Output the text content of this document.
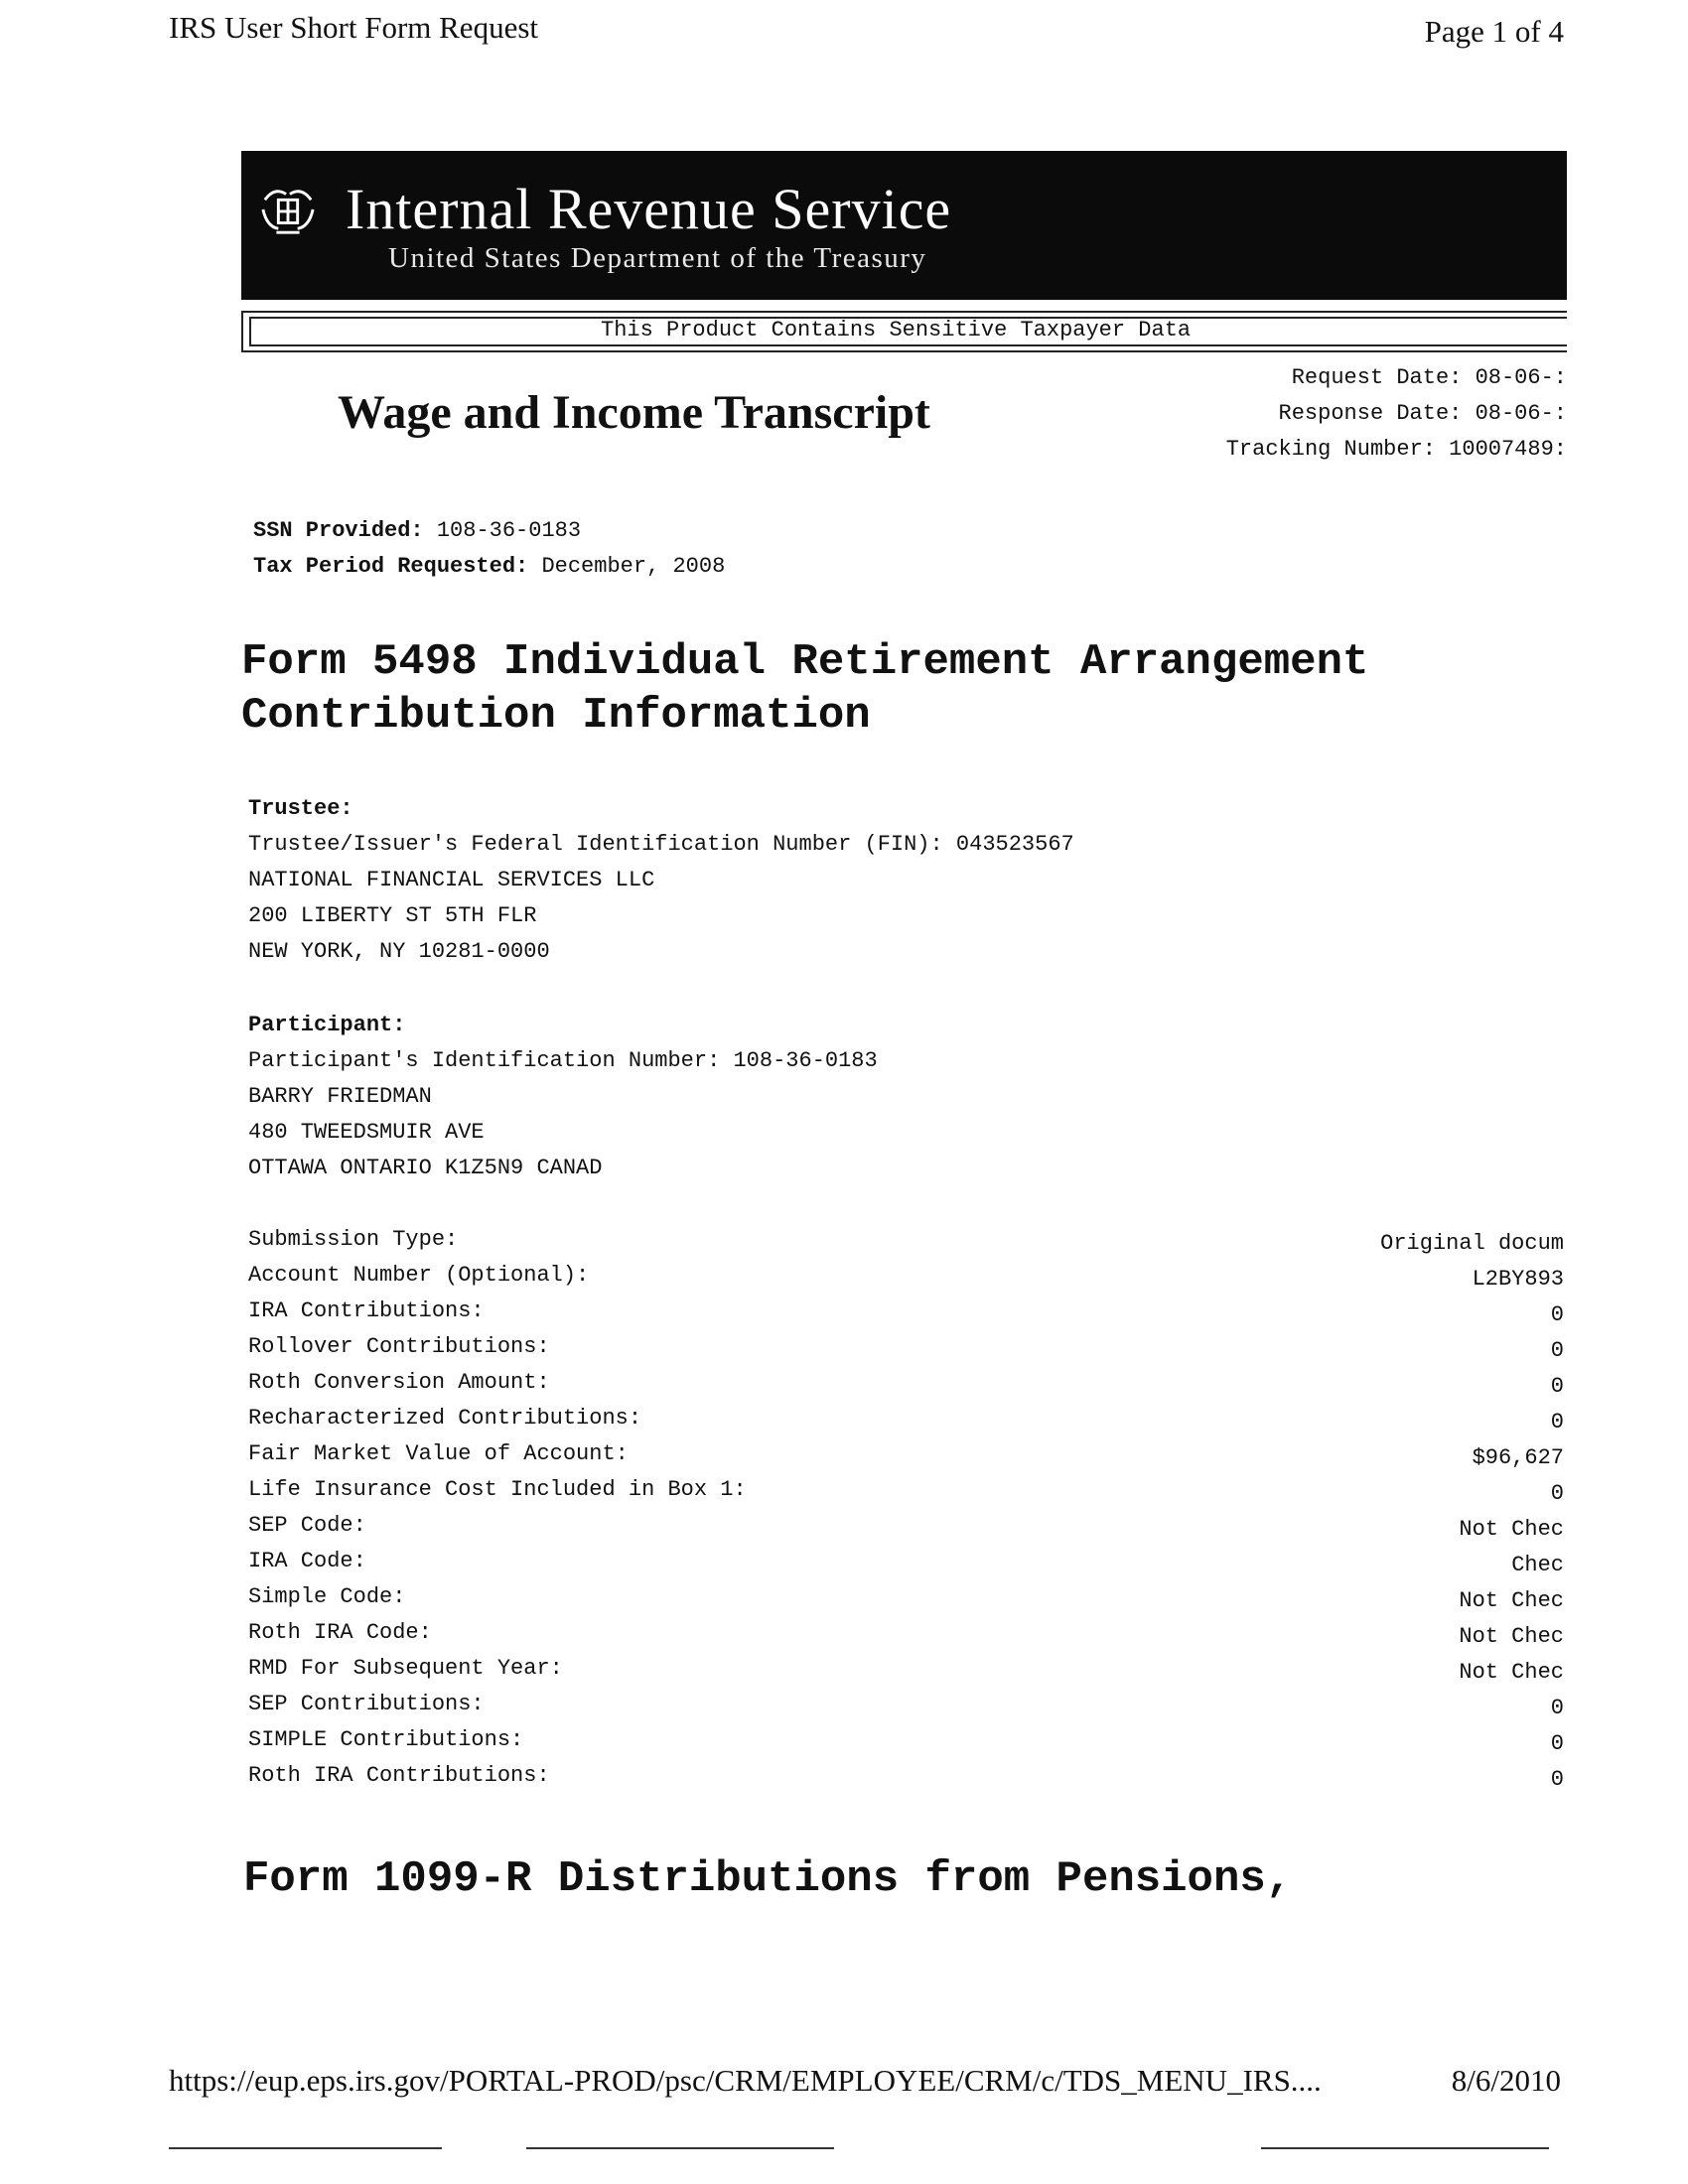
IRS User Short Form Request	Page 1 of 4
Internal Revenue Service
United States Department of the Treasury
This Product Contains Sensitive Taxpayer Data
Wage and Income Transcript
Request Date: 08-06-:
Response Date: 08-06-:
Tracking Number: 10007489:
SSN Provided: 108-36-0183
Tax Period Requested: December, 2008
Form 5498 Individual Retirement Arrangement
Contribution Information
Trustee:
Trustee/Issuer's Federal Identification Number (FIN): 043523567
NATIONAL FINANCIAL SERVICES LLC
200 LIBERTY ST 5TH FLR
NEW YORK, NY 10281-0000
Participant:
Participant's Identification Number: 108-36-0183
BARRY FRIEDMAN
480 TWEEDSMUIR AVE
OTTAWA ONTARIO K1Z5N9 CANAD
Submission Type:	Original docum
Account Number (Optional):	L2BY893
IRA Contributions:	0
Rollover Contributions:	0
Roth Conversion Amount:	0
Recharacterized Contributions:	0
Fair Market Value of Account:	$96,627
Life Insurance Cost Included in Box 1:	0
SEP Code:	Not Chec
IRA Code:	Chec
Simple Code:	Not Chec
Roth IRA Code:	Not Chec
RMD For Subsequent Year:	Not Chec
SEP Contributions:	0
SIMPLE Contributions:	0
Roth IRA Contributions:	0
Form 1099-R Distributions from Pensions,
https://eup.eps.irs.gov/PORTAL-PROD/psc/CRM/EMPLOYEE/CRM/c/TDS_MENU_IRS....	8/6/2010
